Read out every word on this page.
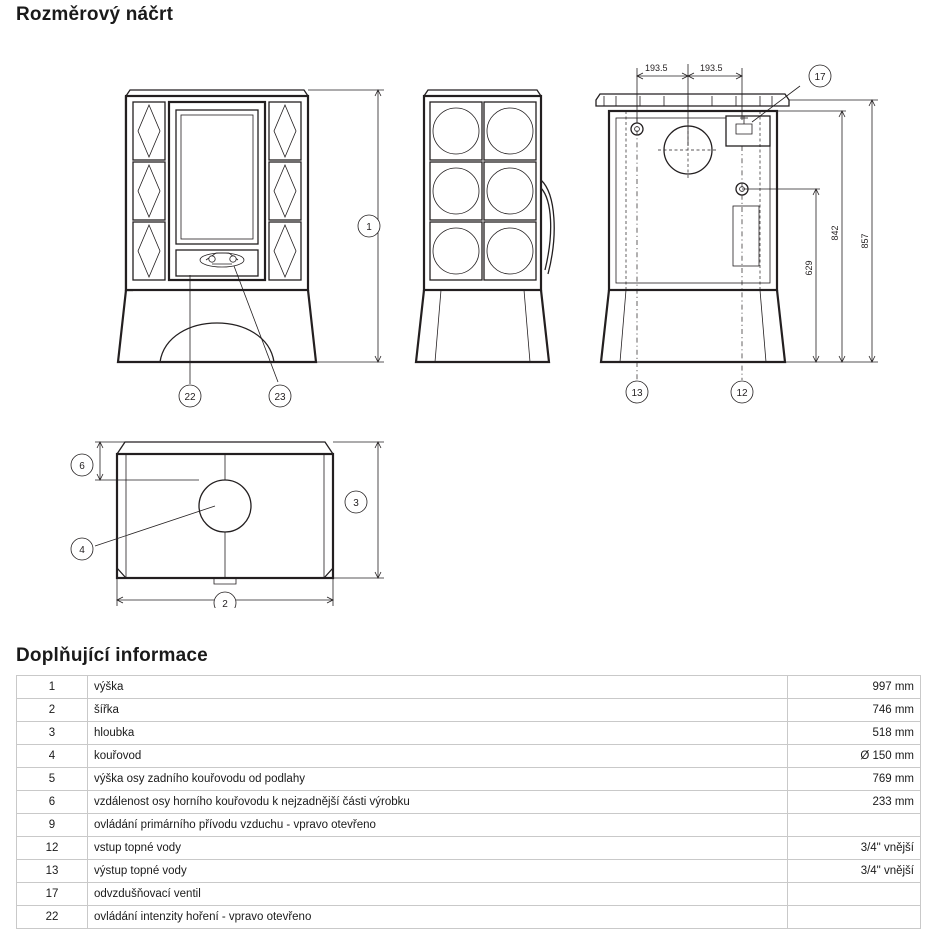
Rozměrový náčrt
1
22	23
193.5	193.5
857
842
629
17
13	12
2
3
6
4
Doplňující informace
1	výška	997 mm
2	šířka	746 mm
3	hloubka	518 mm
4	kouřovod	Ø 150 mm
5	výška osy zadního kouřovodu od podlahy	769 mm
6	vzdálenost osy horního kouřovodu k nejzadnější části výrobku	233 mm
9	ovládání primárního přívodu vzduchu - vpravo otevřeno	
12	vstup topné vody	3/4" vnější
13	výstup topné vody	3/4" vnější
17	odvzdušňovací ventil	
22	ovládání intenzity hoření - vpravo otevřeno	
